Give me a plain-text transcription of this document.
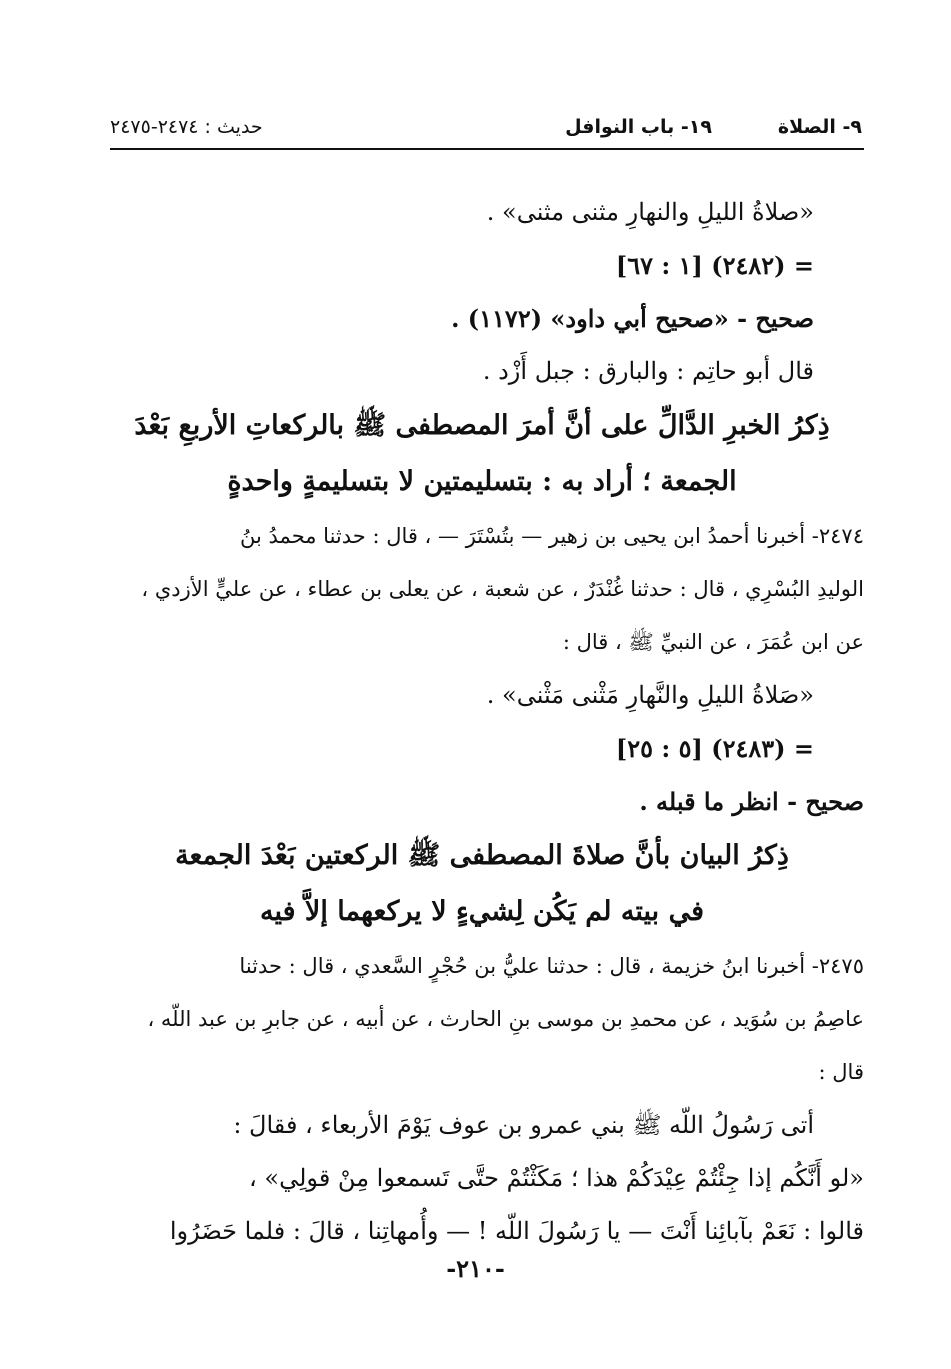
٩- الصلاة
١٩- باب النوافل
حديث : ٢٤٧٤-٢٤٧٥
«صلاةُ الليلِ والنهارِ مثنى مثنى» .
= (٢٤٨٢) [١ : ٦٧]
صحيح - «صحيح أبي داود» (١١٧٢) .
قال أبو حاتِم : والبارق : جبل أَزْد .
ذِكرُ الخبرِ الدَّالِّ على أنَّ أمرَ المصطفى ﷺ بالركعاتِ الأربعِ بَعْدَ
الجمعة ؛ أراد به : بتسليمتين لا بتسليمةٍ واحدةٍ
٢٤٧٤- أخبرنا أحمدُ ابن يحيى بن زهير — بتُسْتَرَ — ، قال : حدثنا محمدُ بنُ
الوليدِ البُسْرِي ، قال : حدثنا غُنْدَرٌ ، عن شعبة ، عن يعلى بن عطاء ، عن عليٍّ الأزدي ،
عن ابن عُمَرَ ، عن النبيِّ ﷺ ، قال :
«صَلاةُ الليلِ والنَّهارِ مَثْنى مَثْنى» .
= (٢٤٨٣) [٥ : ٢٥]
صحيح - انظر ما قبله .
ذِكرُ البيان بأنَّ صلاةَ المصطفى ﷺ الركعتين بَعْدَ الجمعة
في بيته لم يَكُن لِشيءٍ لا يركعهما إلاَّ فيه
٢٤٧٥- أخبرنا ابنُ خزيمة ، قال : حدثنا عليُّ بن حُجْرٍ السَّعدي ، قال : حدثنا
عاصِمُ بن سُوَيد ، عن محمدِ بن موسى بنِ الحارث ، عن أبيه ، عن جابرِ بن عبد اللّه ،
قال :
أتى رَسُولُ اللّه ﷺ بني عمرو بن عوف يَوْمَ الأربعاء ، فقالَ :
«لو أَنَّكُم إذا جِئْتُمْ عِيْدَكُمْ هذا ؛ مَكَثْتُمْ حتَّى تَسمعوا مِنْ قولِي» ،
قالوا : نَعَمْ بآبائِنا أَنْتَ — يا رَسُولَ اللّه ! — وأُمهاتِنا ، قالَ : فلما حَضَرُوا
-٢١٠-
